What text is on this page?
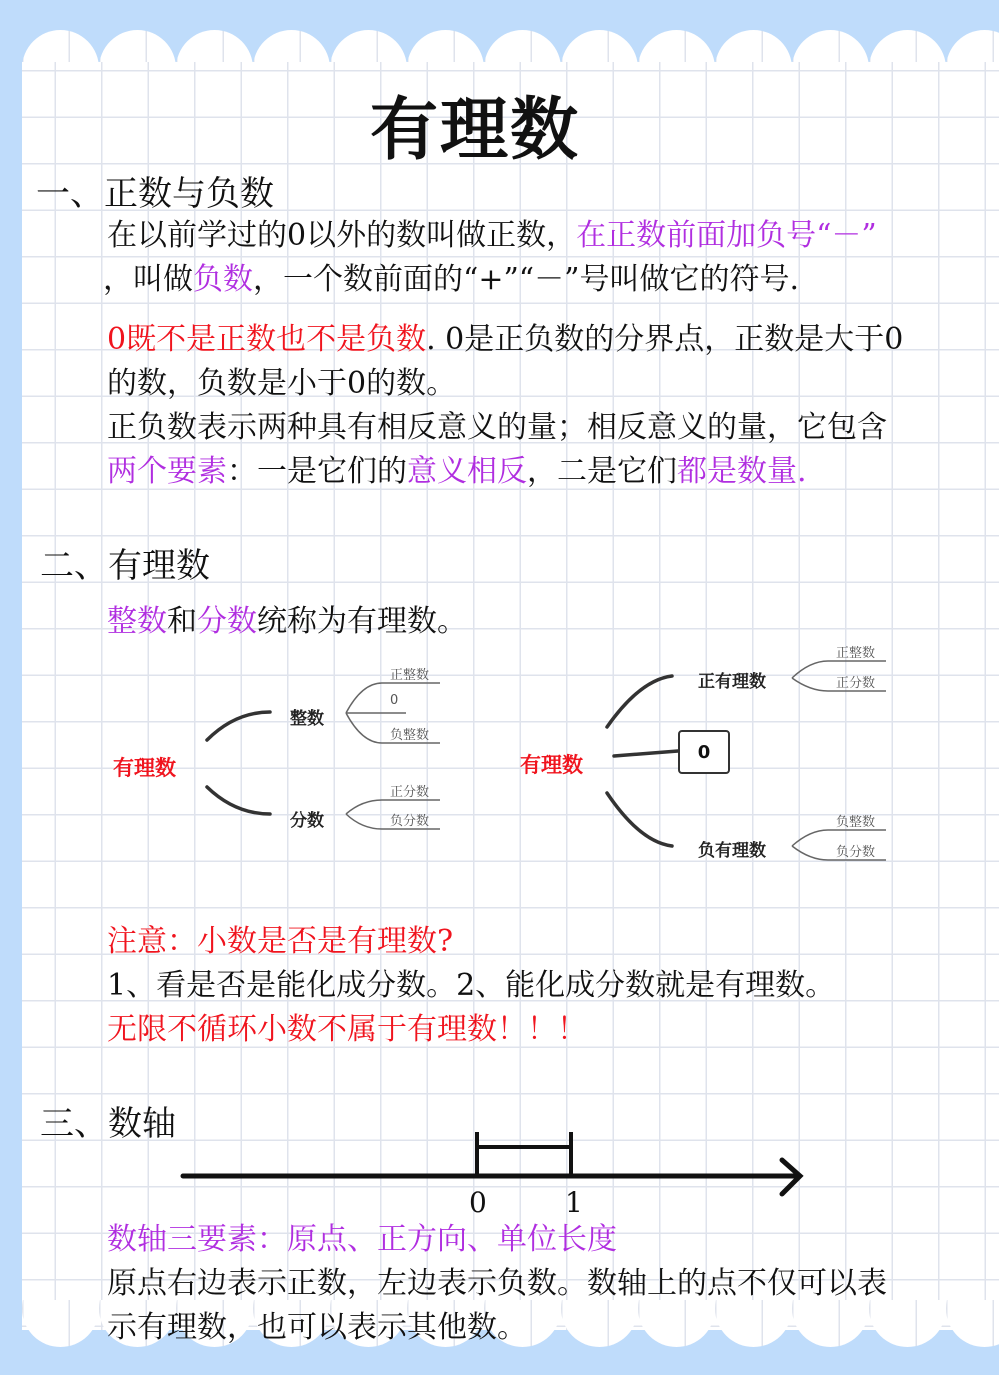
有理数
一、正数与负数
在以前学过的0以外的数叫做正数，在正数前面加负号“－”
，叫做负数，一个数前面的“+”“－”号叫做它的符号.
0既不是正数也不是负数. 0是正负数的分界点，正数是大于0
的数，负数是小于0的数。
正负数表示两种具有相反意义的量；相反意义的量，它包含
两个要素：一是它们的意义相反，二是它们都是数量.
二、有理数
整数和分数统称为有理数。
有理数
整数
分数
正整数
0
负整数
正分数
负分数
有理数
正有理数
0
负有理数
正整数
正分数
负整数
负分数
注意：小数是否是有理数?
1、看是否是能化成分数。2、能化成分数就是有理数。
无限不循环小数不属于有理数！！！
三、数轴
0	1
数轴三要素：原点、正方向、单位长度
原点右边表示正数，左边表示负数。数轴上的点不仅可以表
示有理数，也可以表示其他数。
